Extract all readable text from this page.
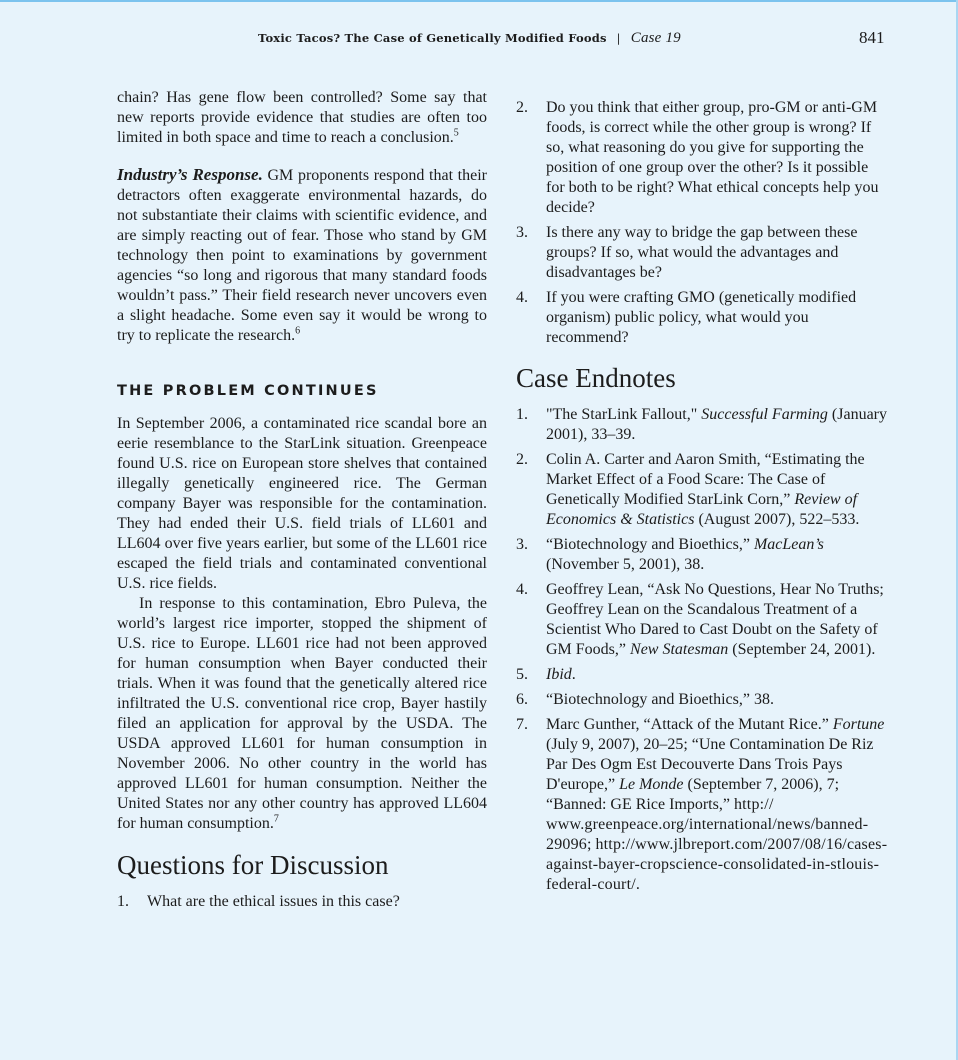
Toxic Tacos? The Case of Genetically Modified Foods | Case 19	841

chain? Has gene flow been controlled? Some say that new reports provide evidence that studies are often too limited in both space and time to reach a conclusion.$^5$

Industry’s Response. GM proponents respond that their detractors often exaggerate environmental hazards, do not substantiate their claims with scientific evidence, and are simply reacting out of fear. Those who stand by GM technology then point to examinations by government agencies “so long and rigorous that many standard foods wouldn’t pass.” Their field research never uncovers even a slight headache. Some even say it would be wrong to try to replicate the research.$^6$

THE PROBLEM CONTINUES

In September 2006, a contaminated rice scandal bore an eerie resemblance to the StarLink situation. Greenpeace found U.S. rice on European store shelves that contained illegally genetically engineered rice. The German company Bayer was responsible for the contamination. They had ended their U.S. field trials of LL601 and LL604 over five years earlier, but some of the LL601 rice escaped the field trials and contaminated conventional U.S. rice fields.

In response to this contamination, Ebro Puleva, the world’s largest rice importer, stopped the shipment of U.S. rice to Europe. LL601 rice had not been approved for human consumption when Bayer conducted their trials. When it was found that the genetically altered rice infiltrated the U.S. conventional rice crop, Bayer hastily filed an application for approval by the USDA. The USDA approved LL601 for human consumption in November 2006. No other country in the world has approved LL601 for human consumption. Neither the United States nor any other country has approved LL604 for human consumption.$^7$

Questions for Discussion
1. What are the ethical issues in this case?
2. Do you think that either group, pro-GM or anti-GM foods, is correct while the other group is wrong? If so, what reasoning do you give for supporting the position of one group over the other? Is it possible for both to be right? What ethical concepts help you decide?
3. Is there any way to bridge the gap between these groups? If so, what would the advantages and disadvantages be?
4. If you were crafting GMO (genetically modified organism) public policy, what would you recommend?
Case Endnotes
1. "The StarLink Fallout," Successful Farming (January 2001), 33–39.
2. Colin A. Carter and Aaron Smith, “Estimating the Market Effect of a Food Scare: The Case of Genetically Modified StarLink Corn,” Review of Economics & Statistics (August 2007), 522–533.
3. “Biotechnology and Bioethics,” MacLean’s (November 5, 2001), 38.
4. Geoffrey Lean, “Ask No Questions, Hear No Truths; Geoffrey Lean on the Scandalous Treatment of a Scientist Who Dared to Cast Doubt on the Safety of GM Foods,” New Statesman (September 24, 2001).
5. Ibid.
6. “Biotechnology and Bioethics,” 38.
7. Marc Gunther, “Attack of the Mutant Rice.” Fortune (July 9, 2007), 20–25; “Une Contamination De Riz Par Des Ogm Est Decouverte Dans Trois Pays D'europe,” Le Monde (September 7, 2006), 7; “Banned: GE Rice Imports,” http://www.greenpeace.org/international/news/banned-29096; http://www.jlbreport.com/2007/08/16/cases-against-bayer-cropscience-consolidated-in-stlouis-federal-court/.
